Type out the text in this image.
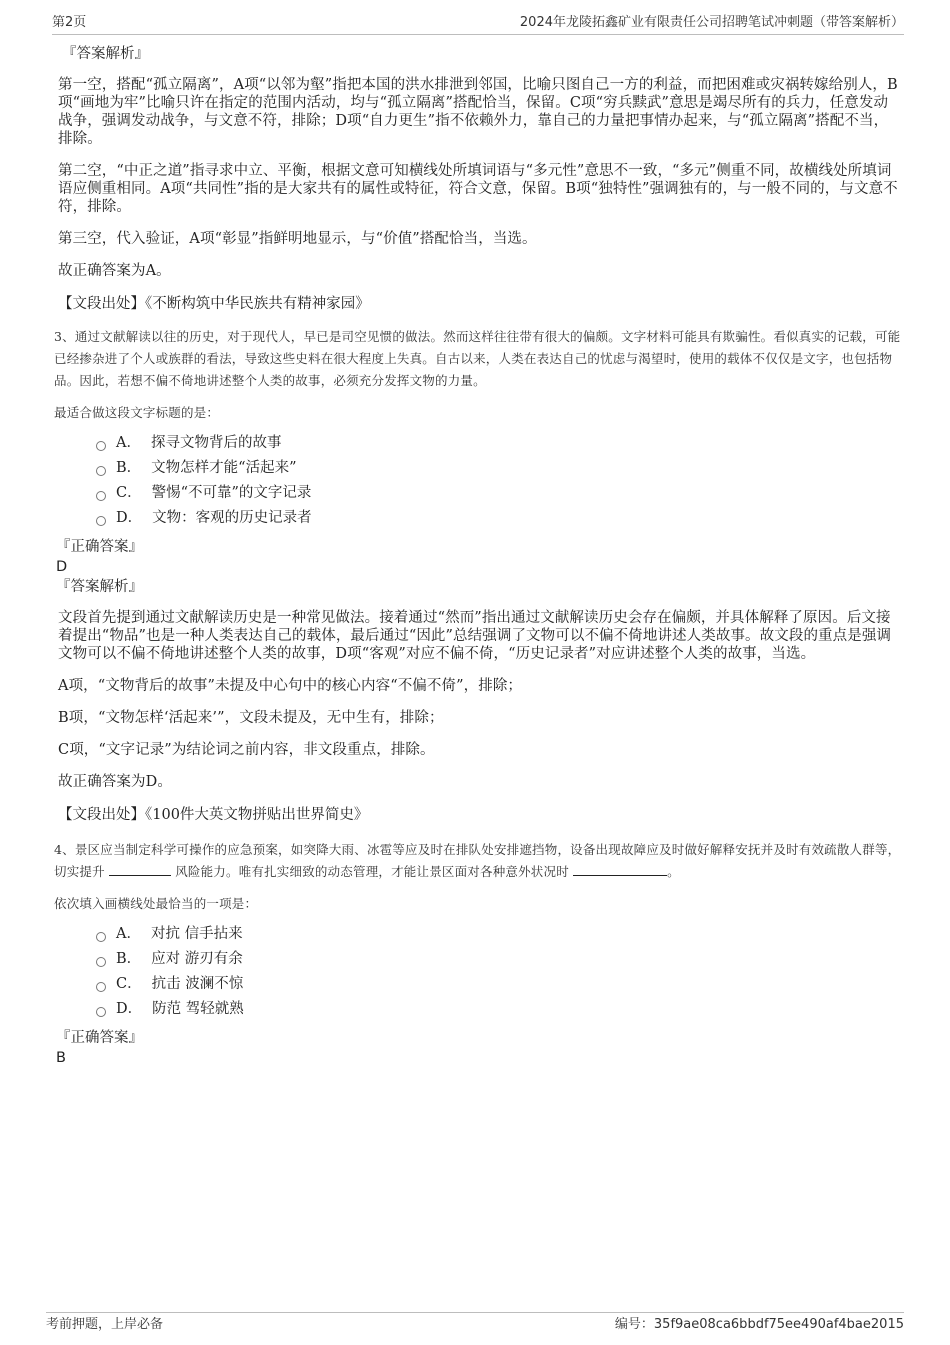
第2页	2024年龙陵拓鑫矿业有限责任公司招聘笔试冲刺题（带答案解析）
『答案解析』

第一空，搭配“孤立隔离”，A项“以邻为壑”指把本国的洪水排泄到邻国，比喻只图自己一方的利益，而把困难或灾祸转嫁给别人，B项“画地为牢”比喻只许在指定的范围内活动，均与“孤立隔离”搭配恰当，保留。C项“穷兵黩武”意思是竭尽所有的兵力，任意发动战争，强调发动战争，与文意不符，排除；D项“自力更生”指不依赖外力，靠自己的力量把事情办起来，与“孤立隔离”搭配不当，排除。

第二空，“中正之道”指寻求中立、平衡，根据文意可知横线处所填词语与“多元性”意思不一致，“多元”侧重不同，故横线处所填词语应侧重相同。A项“共同性”指的是大家共有的属性或特征，符合文意，保留。B项“独特性”强调独有的，与一般不同的，与文意不符，排除。

第三空，代入验证，A项“彰显”指鲜明地显示，与“价值”搭配恰当，当选。

故正确答案为A。

【文段出处】《不断构筑中华民族共有精神家园》

3、通过文献解读以往的历史，对于现代人，早已是司空见惯的做法。然而这样往往带有很大的偏颇。文字材料可能具有欺骗性。看似真实的记载，可能已经掺杂进了个人或族群的看法，导致这些史料在很大程度上失真。自古以来，人类在表达自己的忧虑与渴望时，使用的载体不仅仅是文字，也包括物品。因此，若想不偏不倚地讲述整个人类的故事，必须充分发挥文物的力量。

最适合做这段文字标题的是：

A． 探寻文物背后的故事
B． 文物怎样才能“活起来”
C． 警惕“不可靠”的文字记录
D． 文物：客观的历史记录者
『正确答案』
D
『答案解析』

文段首先提到通过文献解读历史是一种常见做法。接着通过“然而”指出通过文献解读历史会存在偏颇，并具体解释了原因。后文接着提出“物品”也是一种人类表达自己的载体，最后通过“因此”总结强调了文物可以不偏不倚地讲述人类故事。故文段的重点是强调文物可以不偏不倚地讲述整个人类的故事，D项“客观”对应不偏不倚，“历史记录者”对应讲述整个人类的故事，当选。

A项，“文物背后的故事”未提及中心句中的核心内容“不偏不倚”，排除；

B项，“文物怎样‘活起来’”，文段未提及，无中生有，排除；

C项，“文字记录”为结论词之前内容，非文段重点，排除。

故正确答案为D。

【文段出处】《100件大英文物拼贴出世界简史》

4、景区应当制定科学可操作的应急预案，如突降大雨、冰雹等应及时在排队处安排遮挡物，设备出现故障应及时做好解释安抚并及时有效疏散人群等，切实提升	风险能力。唯有扎实细致的动态管理，才能让景区面对各种意外状况时	。

依次填入画横线处最恰当的一项是：

A． 对抗 信手拈来
B． 应对 游刃有余
C． 抗击 波澜不惊
D． 防范 驾轻就熟
『正确答案』
B
考前押题，上岸必备	编号：35f9ae08ca6bbdf75ee490af4bae2015
